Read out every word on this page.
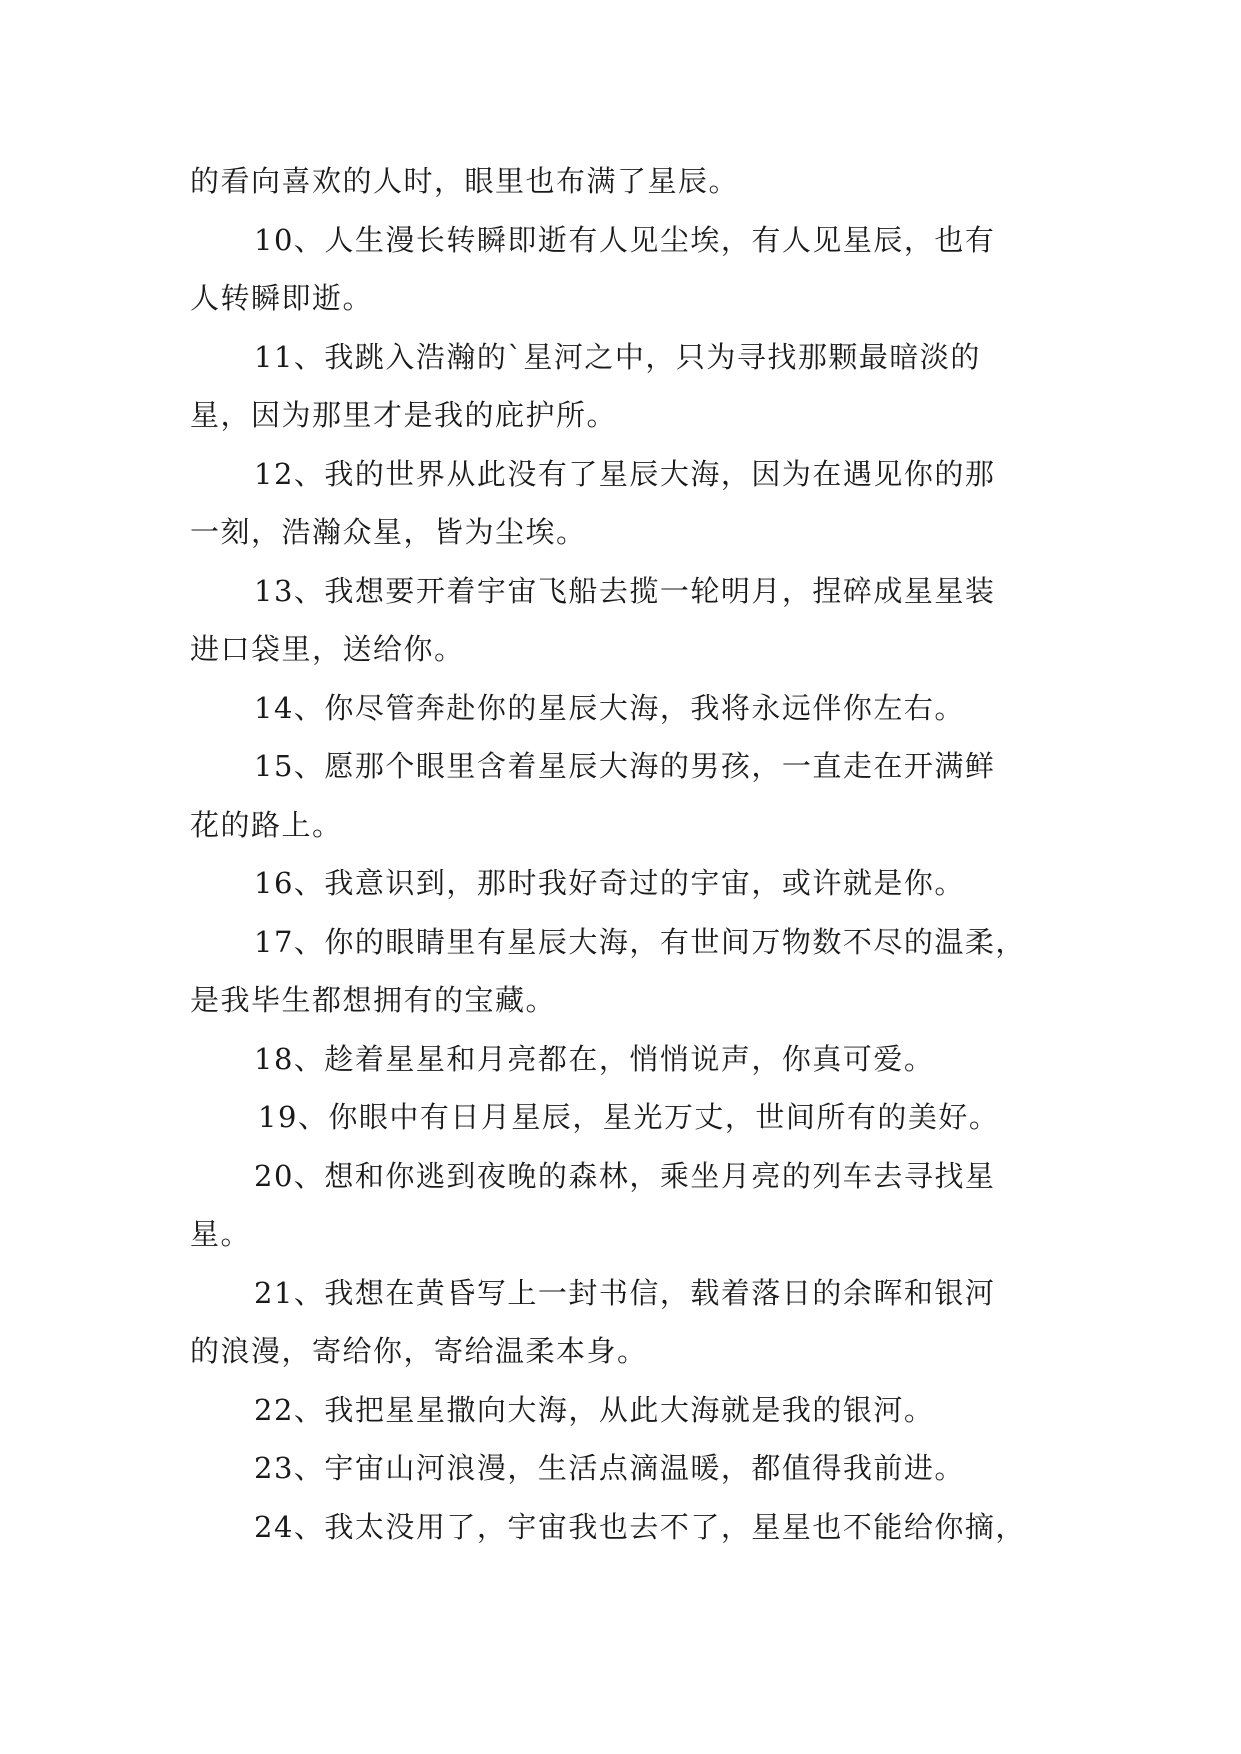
的看向喜欢的人时，眼里也布满了星辰。
10、人生漫长转瞬即逝有人见尘埃，有人见星辰，也有
人转瞬即逝。
11、我跳入浩瀚的`星河之中，只为寻找那颗最暗淡的
星，因为那里才是我的庇护所。
12、我的世界从此没有了星辰大海，因为在遇见你的那
一刻，浩瀚众星，皆为尘埃。
13、我想要开着宇宙飞船去揽一轮明月，捏碎成星星装
进口袋里，送给你。
14、你尽管奔赴你的星辰大海，我将永远伴你左右。
15、愿那个眼里含着星辰大海的男孩，一直走在开满鲜
花的路上。
16、我意识到，那时我好奇过的宇宙，或许就是你。
17、你的眼睛里有星辰大海，有世间万物数不尽的温柔，
是我毕生都想拥有的宝藏。
18、趁着星星和月亮都在，悄悄说声，你真可爱。
19、你眼中有日月星辰，星光万丈，世间所有的美好。
20、想和你逃到夜晚的森林，乘坐月亮的列车去寻找星
星。
21、我想在黄昏写上一封书信，载着落日的余晖和银河
的浪漫，寄给你，寄给温柔本身。
22、我把星星撒向大海，从此大海就是我的银河。
23、宇宙山河浪漫，生活点滴温暖，都值得我前进。
24、我太没用了，宇宙我也去不了，星星也不能给你摘，
